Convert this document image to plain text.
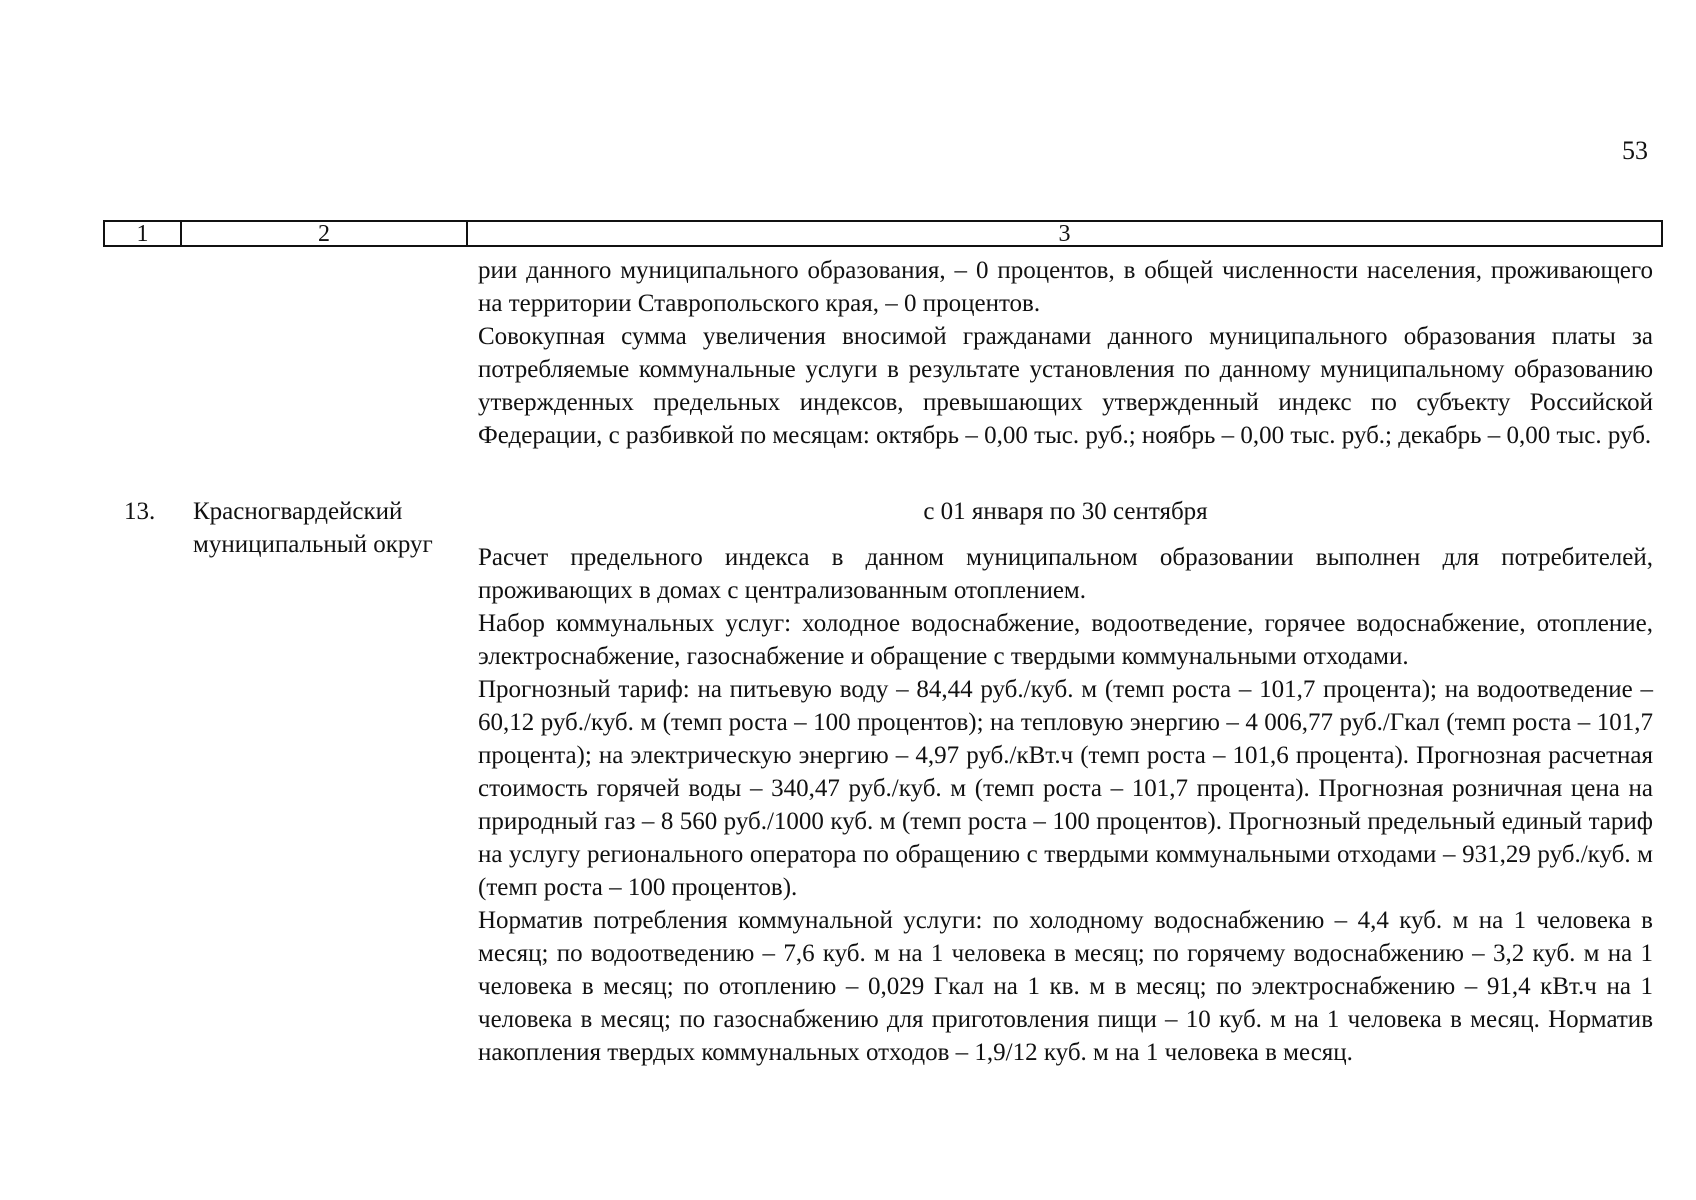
53
1	2	3

рии данного муниципального образования, – 0 процентов, в общей численности населения, проживающего на территории Ставропольского края, – 0 процентов.

Совокупная сумма увеличения вносимой гражданами данного муниципального образования платы за потребляемые коммунальные услуги в результате установления по данному муниципальному образованию утвержденных предельных индексов, превышающих утвержденный индекс по субъекту Российской Федерации, с разбивкой по месяцам: октябрь – 0,00 тыс. руб.; ноябрь – 0,00 тыс. руб.; декабрь – 0,00 тыс. руб.

13. Красногвардейский муниципальный округ
с 01 января по 30 сентября

Расчет предельного индекса в данном муниципальном образовании выполнен для потребителей, проживающих в домах с централизованным отоплением.

Набор коммунальных услуг: холодное водоснабжение, водоотведение, горячее водоснабжение, отопление, электроснабжение, газоснабжение и обращение с твердыми коммунальными отходами.

Прогнозный тариф: на питьевую воду – 84,44 руб./куб. м (темп роста – 101,7 процента); на водоотведение – 60,12 руб./куб. м (темп роста – 100 процентов); на тепловую энергию – 4 006,77 руб./Гкал (темп роста – 101,7 процента); на электрическую энергию – 4,97 руб./кВт.ч (темп роста – 101,6 процента). Прогнозная расчетная стоимость горячей воды – 340,47 руб./куб. м (темп роста – 101,7 процента). Прогнозная розничная цена на природный газ – 8 560 руб./1000 куб. м (темп роста – 100 процентов). Прогнозный предельный единый тариф на услугу регионального оператора по обращению с твердыми коммунальными отходами – 931,29 руб./куб. м (темп роста – 100 процентов).

Норматив потребления коммунальной услуги: по холодному водоснабжению – 4,4 куб. м на 1 человека в месяц; по водоотведению – 7,6 куб. м на 1 человека в месяц; по горячему водоснабжению – 3,2 куб. м на 1 человека в месяц; по отоплению – 0,029 Гкал на 1 кв. м в месяц; по электроснабжению – 91,4 кВт.ч на 1 человека в месяц; по газоснабжению для приготовления пищи – 10 куб. м на 1 человека в месяц. Норматив накопления твердых коммунальных отходов – 1,9/12 куб. м на 1 человека в месяц.
